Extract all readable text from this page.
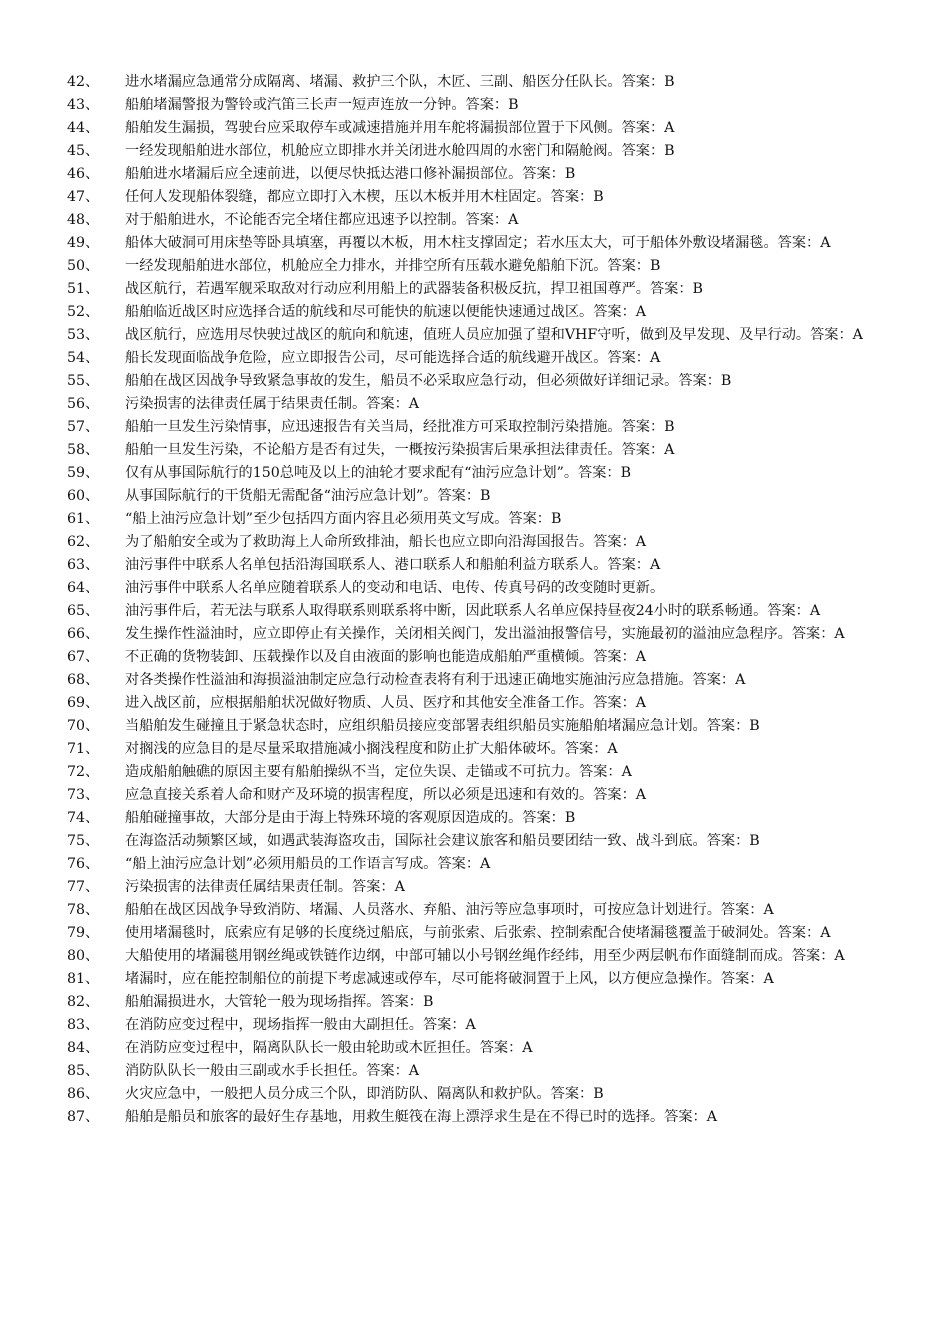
42、 进水堵漏应急通常分成隔离、堵漏、救护三个队，木匠、三副、船医分任队长。答案：B
43、 船舶堵漏警报为警铃或汽笛三长声一短声连放一分钟。答案：B
44、 船舶发生漏损，驾驶台应采取停车或减速措施并用车舵将漏损部位置于下风侧。答案：A
45、 一经发现船舶进水部位，机舱应立即排水并关闭进水舱四周的水密门和隔舱阀。答案：B
46、 船舶进水堵漏后应全速前进，以便尽快抵达港口修补漏损部位。答案：B
47、 任何人发现船体裂缝，都应立即打入木楔，压以木板并用木柱固定。答案：B
48、 对于船舶进水，不论能否完全堵住都应迅速予以控制。答案：A
49、 船体大破洞可用床垫等卧具填塞，再覆以木板，用木柱支撑固定；若水压太大，可于船体外敷设堵漏毯。答案：A
50、 一经发现船舶进水部位，机舱应全力排水，并排空所有压载水避免船舶下沉。答案：B
51、 战区航行，若遇军舰采取敌对行动应利用船上的武器装备积极反抗，捍卫祖国尊严。答案：B
52、 船舶临近战区时应选择合适的航线和尽可能快的航速以便能快速通过战区。答案：A
53、 战区航行，应选用尽快驶过战区的航向和航速，值班人员应加强了望和VHF守听，做到及早发现、及早行动。答案：A
54、 船长发现面临战争危险，应立即报告公司，尽可能选择合适的航线避开战区。答案：A
55、 船舶在战区因战争导致紧急事故的发生，船员不必采取应急行动，但必须做好详细记录。答案：B
56、 污染损害的法律责任属于结果责任制。答案：A
57、 船舶一旦发生污染情事，应迅速报告有关当局，经批准方可采取控制污染措施。答案：B
58、 船舶一旦发生污染，不论船方是否有过失，一概按污染损害后果承担法律责任。答案：A
59、 仅有从事国际航行的150总吨及以上的油轮才要求配有“油污应急计划”。答案：B
60、 从事国际航行的干货船无需配备“油污应急计划”。答案：B
61、 “船上油污应急计划”至少包括四方面内容且必须用英文写成。答案：B
62、 为了船舶安全或为了救助海上人命所致排油，船长也应立即向沿海国报告。答案：A
63、 油污事件中联系人名单包括沿海国联系人、港口联系人和船舶利益方联系人。答案：A
64、 油污事件中联系人名单应随着联系人的变动和电话、电传、传真号码的改变随时更新。
65、 油污事件后，若无法与联系人取得联系则联系将中断，因此联系人名单应保持昼夜24小时的联系畅通。答案：A
66、 发生操作性溢油时，应立即停止有关操作，关闭相关阀门，发出溢油报警信号，实施最初的溢油应急程序。答案：A
67、 不正确的货物装卸、压载操作以及自由液面的影响也能造成船舶严重横倾。答案：A
68、 对各类操作性溢油和海损溢油制定应急行动检查表将有利于迅速正确地实施油污应急措施。答案：A
69、 进入战区前，应根据船舶状况做好物质、人员、医疗和其他安全准备工作。答案：A
70、 当船舶发生碰撞且于紧急状态时，应组织船员接应变部署表组织船员实施船舶堵漏应急计划。答案：B
71、 对搁浅的应急目的是尽量采取措施减小搁浅程度和防止扩大船体破坏。答案：A
72、 造成船舶触礁的原因主要有船舶操纵不当，定位失误、走锚或不可抗力。答案：A
73、 应急直接关系着人命和财产及环境的损害程度，所以必须是迅速和有效的。答案：A
74、 船舶碰撞事故，大部分是由于海上特殊环境的客观原因造成的。答案：B
75、 在海盗活动频繁区域，如遇武装海盗攻击，国际社会建议旅客和船员要团结一致、战斗到底。答案：B
76、 “船上油污应急计划”必须用船员的工作语言写成。答案：A
77、 污染损害的法律责任属结果责任制。答案：A
78、 船舶在战区因战争导致消防、堵漏、人员落水、弃船、油污等应急事项时，可按应急计划进行。答案：A
79、 使用堵漏毯时，底索应有足够的长度绕过船底，与前张索、后张索、控制索配合使堵漏毯覆盖于破洞处。答案：A
80、 大船使用的堵漏毯用钢丝绳或铁链作边纲，中部可辅以小号钢丝绳作经纬，用至少两层帆布作面缝制而成。答案：A
81、 堵漏时，应在能控制船位的前提下考虑减速或停车，尽可能将破洞置于上风，以方便应急操作。答案：A
82、 船舶漏损进水，大管轮一般为现场指挥。答案：B
83、 在消防应变过程中，现场指挥一般由大副担任。答案：A
84、 在消防应变过程中，隔离队队长一般由轮助或木匠担任。答案：A
85、 消防队队长一般由三副或水手长担任。答案：A
86、 火灾应急中，一般把人员分成三个队，即消防队、隔离队和救护队。答案：B
87、 船舶是船员和旅客的最好生存基地，用救生艇筏在海上漂浮求生是在不得已时的选择。答案：A
